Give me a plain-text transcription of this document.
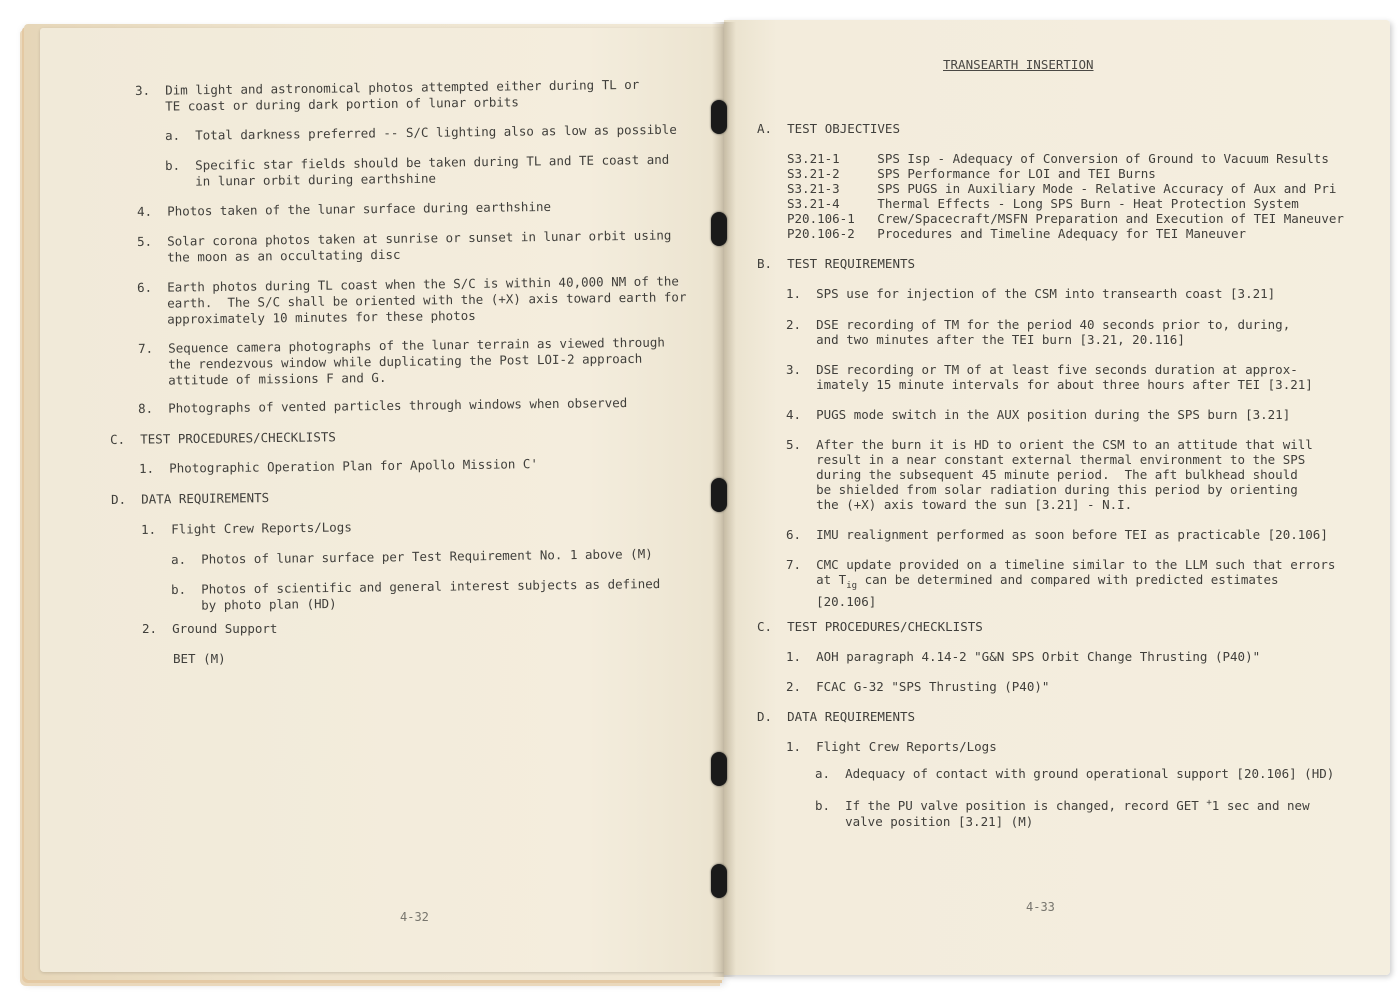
3.  Dim light and astronomical photos attempted either during TL or
TE coast or during dark portion of lunar orbits
a.  Total darkness preferred -- S/C lighting also as low as possible
b.  Specific star fields should be taken during TL and TE coast and
in lunar orbit during earthshine
4.  Photos taken of the lunar surface during earthshine
5.  Solar corona photos taken at sunrise or sunset in lunar orbit using
the moon as an occultating disc
6.  Earth photos during TL coast when the S/C is within 40,000 NM of the
earth.  The S/C shall be oriented with the (+X) axis toward earth for
approximately 10 minutes for these photos
7.  Sequence camera photographs of the lunar terrain as viewed through
the rendezvous window while duplicating the Post LOI-2 approach
attitude of missions F and G.
8.  Photographs of vented particles through windows when observed
C.  TEST PROCEDURES/CHECKLISTS
1.  Photographic Operation Plan for Apollo Mission C'
D.  DATA REQUIREMENTS
1.  Flight Crew Reports/Logs
a.  Photos of lunar surface per Test Requirement No. 1 above (M)
b.  Photos of scientific and general interest subjects as defined
by photo plan (HD)
2.  Ground Support
BET (M)
4-32
TRANSEARTH INSERTION
A.  TEST OBJECTIVES
S3.21-1     SPS Isp - Adequacy of Conversion of Ground to Vacuum Results
S3.21-2     SPS Performance for LOI and TEI Burns
S3.21-3     SPS PUGS in Auxiliary Mode - Relative Accuracy of Aux and Pri
S3.21-4     Thermal Effects - Long SPS Burn - Heat Protection System
P20.106-1   Crew/Spacecraft/MSFN Preparation and Execution of TEI Maneuver
P20.106-2   Procedures and Timeline Adequacy for TEI Maneuver
B.  TEST REQUIREMENTS
1.  SPS use for injection of the CSM into transearth coast [3.21]
2.  DSE recording of TM for the period 40 seconds prior to, during,
and two minutes after the TEI burn [3.21, 20.116]
3.  DSE recording or TM of at least five seconds duration at approx-
imately 15 minute intervals for about three hours after TEI [3.21]
4.  PUGS mode switch in the AUX position during the SPS burn [3.21]
5.  After the burn it is HD to orient the CSM to an attitude that will
result in a near constant external thermal environment to the SPS
during the subsequent 45 minute period.  The aft bulkhead should
be shielded from solar radiation during this period by orienting
the (+X) axis toward the sun [3.21] - N.I.
6.  IMU realignment performed as soon before TEI as practicable [20.106]
7.  CMC update provided on a timeline similar to the LLM such that errors
at $T_{ig}$ can be determined and compared with predicted estimates
[20.106]
C.  TEST PROCEDURES/CHECKLISTS
1.  AOH paragraph 4.14-2 "G&N SPS Orbit Change Thrusting (P40)"
2.  FCAC G-32 "SPS Thrusting (P40)"
D.  DATA REQUIREMENTS
1.  Flight Crew Reports/Logs
a.  Adequacy of contact with ground operational support [20.106] (HD)
b.  If the PU valve position is changed, record GET +1 sec and new
valve position [3.21] (M)
4-33
